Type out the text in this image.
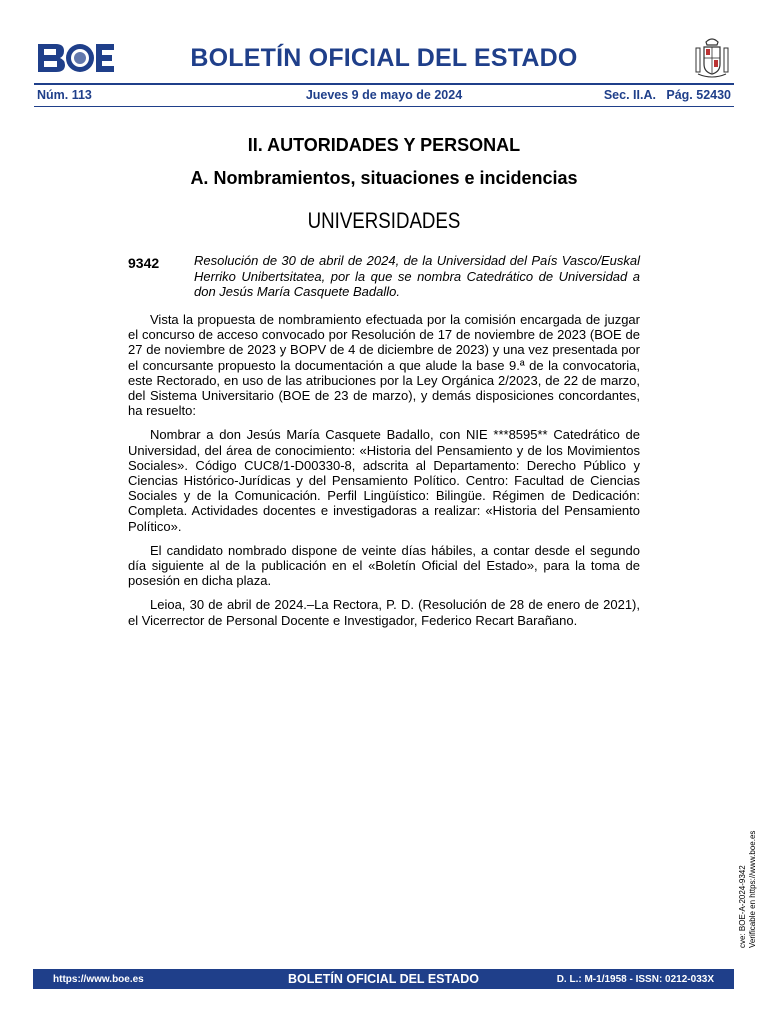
BOLETÍN OFICIAL DEL ESTADO
Núm. 113	Jueves 9 de mayo de 2024	Sec. II.A.   Pág. 52430
II. AUTORIDADES Y PERSONAL
A. Nombramientos, situaciones e incidencias
UNIVERSIDADES
9342	Resolución de 30 de abril de 2024, de la Universidad del País Vasco/Euskal Herriko Unibertsitatea, por la que se nombra Catedrático de Universidad a don Jesús María Casquete Badallo.

Vista la propuesta de nombramiento efectuada por la comisión encargada de juzgar el concurso de acceso convocado por Resolución de 17 de noviembre de 2023 (BOE de 27 de noviembre de 2023 y BOPV de 4 de diciembre de 2023) y una vez presentada por el concursante propuesto la documentación a que alude la base 9.ª de la convocatoria, este Rectorado, en uso de las atribuciones por la Ley Orgánica 2/2023, de 22 de marzo, del Sistema Universitario (BOE de 23 de marzo), y demás disposiciones concordantes, ha resuelto:

Nombrar a don Jesús María Casquete Badallo, con NIE ***8595** Catedrático de Universidad, del área de conocimiento: «Historia del Pensamiento y de los Movimientos Sociales». Código CUC8/1-D00330-8, adscrita al Departamento: Derecho Público y Ciencias Histórico-Jurídicas y del Pensamiento Político. Centro: Facultad de Ciencias Sociales y de la Comunicación. Perfil Lingüístico: Bilingüe. Régimen de Dedicación: Completa. Actividades docentes e investigadoras a realizar: «Historia del Pensamiento Político».

El candidato nombrado dispone de veinte días hábiles, a contar desde el segundo día siguiente al de la publicación en el «Boletín Oficial del Estado», para la toma de posesión en dicha plaza.

Leioa, 30 de abril de 2024.–La Rectora, P. D. (Resolución de 28 de enero de 2021), el Vicerrector de Personal Docente e Investigador, Federico Recart Barañano.

cve: BOE-A-2024-9342 Verificable en https://www.boe.es
https://www.boe.es	BOLETÍN OFICIAL DEL ESTADO	D. L.: M-1/1958 - ISSN: 0212-033X
